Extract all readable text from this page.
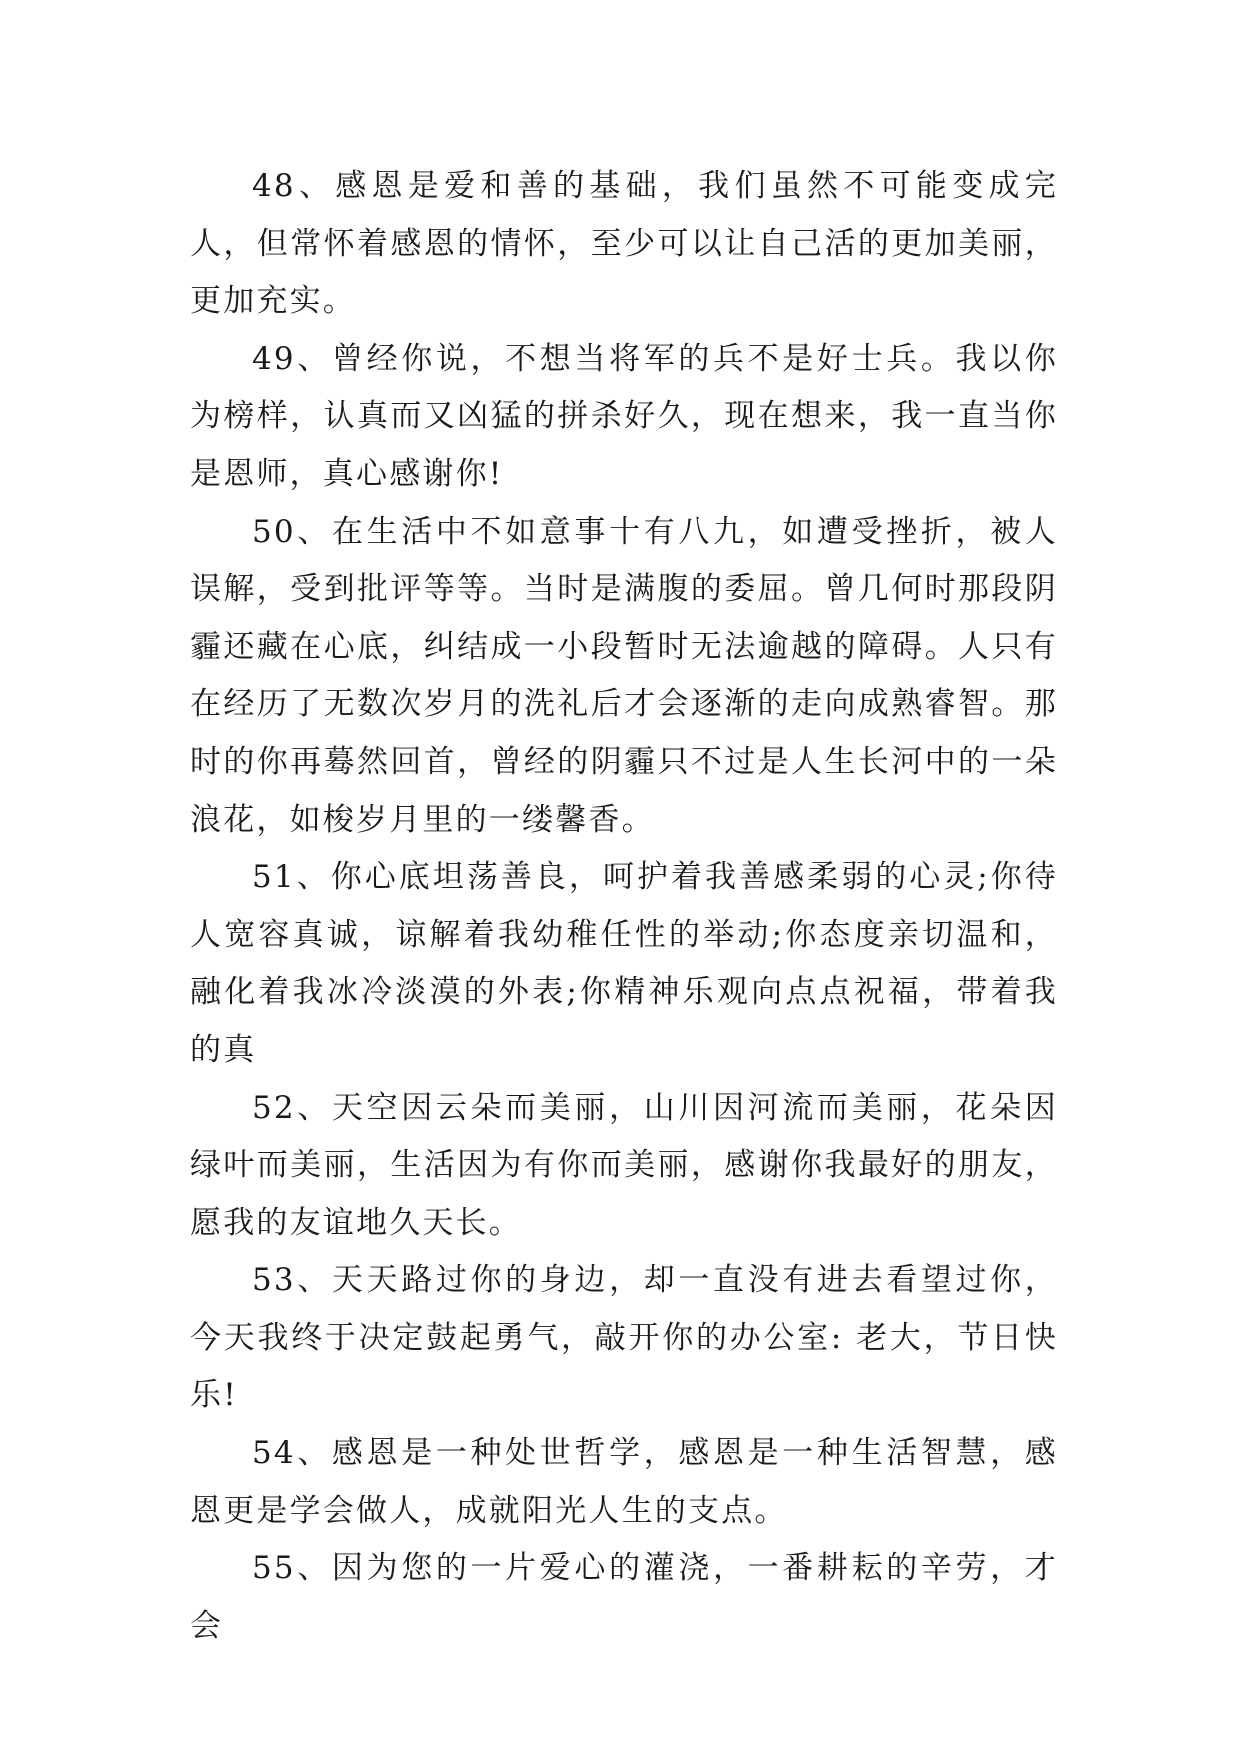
48、感恩是爱和善的基础，我们虽然不可能变成完人，但常怀着感恩的情怀，至少可以让自己活的更加美丽，更加充实。

49、曾经你说，不想当将军的兵不是好士兵。我以你为榜样，认真而又凶猛的拼杀好久，现在想来，我一直当你是恩师，真心感谢你!

50、在生活中不如意事十有八九，如遭受挫折，被人误解，受到批评等等。当时是满腹的委屈。曾几何时那段阴霾还藏在心底，纠结成一小段暂时无法逾越的障碍。人只有在经历了无数次岁月的洗礼后才会逐渐的走向成熟睿智。那时的你再蓦然回首，曾经的阴霾只不过是人生长河中的一朵浪花，如梭岁月里的一缕馨香。

51、你心底坦荡善良，呵护着我善感柔弱的心灵;你待人宽容真诚，谅解着我幼稚任性的举动;你态度亲切温和，融化着我冰冷淡漠的外表;你精神乐观向点点祝福，带着我的真

52、天空因云朵而美丽，山川因河流而美丽，花朵因绿叶而美丽，生活因为有你而美丽，感谢你我最好的朋友，愿我的友谊地久天长。

53、天天路过你的身边，却一直没有进去看望过你，今天我终于决定鼓起勇气，敲开你的办公室: 老大，节日快乐!

54、感恩是一种处世哲学，感恩是一种生活智慧，感恩更是学会做人，成就阳光人生的支点。

55、因为您的一片爱心的灌浇，一番耕耘的辛劳，才会
